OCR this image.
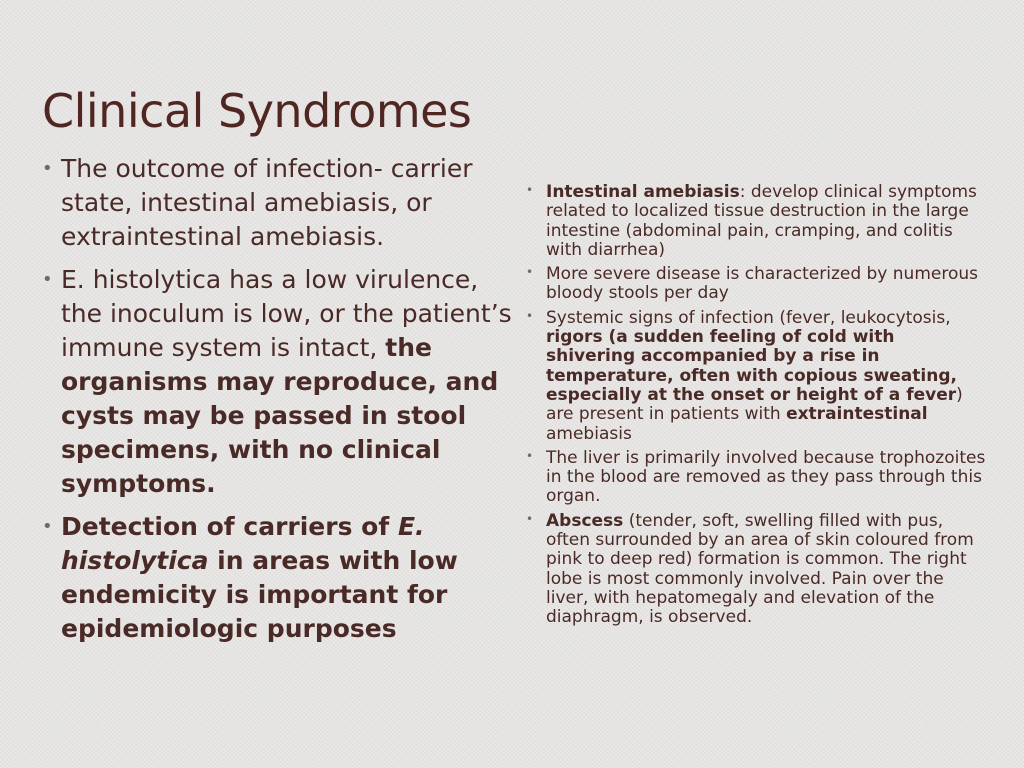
Clinical Syndromes
• The outcome of infection- carrier state, intestinal amebiasis, or extraintestinal amebiasis.
• E. histolytica has a low virulence, the inoculum is low, or the patient’s immune system is intact, the organisms may reproduce, and cysts may be passed in stool specimens, with no clinical symptoms.
• Detection of carriers of E. histolytica in areas with low endemicity is important for epidemiologic purposes
• Intestinal amebiasis: develop clinical symptoms related to localized tissue destruction in the large intestine (abdominal pain, cramping, and colitis with diarrhea)
• More severe disease is characterized by numerous bloody stools per day
• Systemic signs of infection (fever, leukocytosis, rigors (a sudden feeling of cold with shivering accompanied by a rise in temperature, often with copious sweating, especially at the onset or height of a fever) are present in patients with extraintestinal amebiasis
• The liver is primarily involved because trophozoites in the blood are removed as they pass through this organ.
• Abscess (tender, soft, swelling filled with pus, often surrounded by an area of skin coloured from pink to deep red) formation is common. The right lobe is most commonly involved. Pain over the liver, with hepatomegaly and elevation of the diaphragm, is observed.
